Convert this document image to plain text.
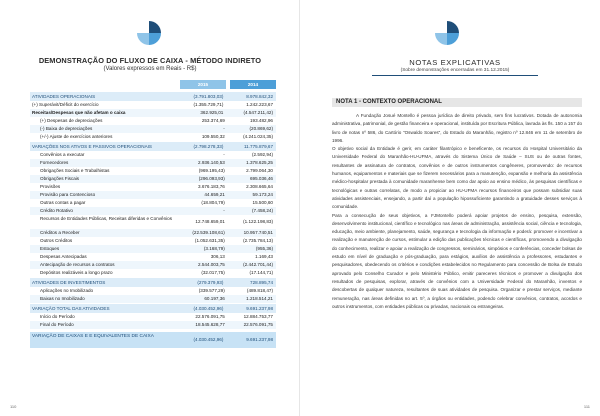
DEMONSTRAÇÃO DO FLUXO DE CAIXA - MÉTODO INDIRETO
(Valores expressos em Reais - R$)
2015	2014
ATIVIDADES OPERACIONAIS	(3.791.803,03)	8.978.842,32
(+) Superávit/Déficit do exercício	(1.355.729,71)	1.242.223,67
Receitas/Despesas que não afetam o caixa	362.925,01	(4.547.211,42)
(+) Despesas de depreciações	253.374,69	193.482,96
(-) Baixa de depreciações	-	(20.869,62)
(+/-) Ajuste de exercícios anteriores	109.550,32	(4.241.024,35)
VARIAÇÕES NOS ATIVOS E PASSIVOS OPERACIONAIS	(2.798.278,33)	11.775.879,67
Convênios a executar	-	(2.592,94)
Fornecedores	2.936.140,53	1.378.625,25
Obrigações Sociais e Trabalhistas	(969.195,43)	2.799.064,30
Obrigações Fiscais	(296.093,93)	695.036,46
Provisões	3.676.183,76	2.308.665,64
Provisão para Contencioso	44.659,21	59.173,24
Outras contas a pagar	(18.804,79)	15.500,60
Crédito Rotativo	-	(7.458,24)
Recursos de Entidades Públicas, Receitas diferidas e Convênios
12.748.659,01	(1.122.198,83)
Créditos a Receber	(22.539.108,61)	10.957.740,51
Outros Créditos	(1.052.631,35)	(2.735.784,13)
Estoques	(3.168,79)	(955,36)
Despesas Antecipadas	306,13	1.169,43
Antecipação de recursos a contratos	2.544.003,75	(2.442.701,44)
Depósitos realizáveis a longo prazo	(32.017,75)	(17.144,71)
ATIVIDADES DE INVESTIMENTOS	(279.379,93)	728.895,74
Aplicações no Imobilizado	(339.577,29)	(489.818,47)
Baixas no Imobilizado	60.197,36	1.218.514,21
VARIAÇÃO TOTAL DAS ATIVIDADES	(4.030.452,96)	9.691.237,98
Início do Período	22.576.091,75	12.884.753,77
Final do Período	18.545.628,77	22.576.091,75
VARIAÇÃO DE CAIXAS E E EQUIVALENTES DE CAIXA
(4.030.452,96)	9.691.237,98
110
NOTAS EXPLICATIVAS
(Sobre demonstrações encerradas em 31.12.2015)
NOTA 1 - CONTEXTO OPERACIONAL

A Fundação Josué Montello é pessoa jurídica de direito privado, sem fins lucrativos. Dotada de autonomia administrativa, patrimonial, de gestão financeira e operacional, instituída por Escritura Pública, lavrada às fls. 150 a 157 do livro de notas nº 586, do Cartório "Oswaldo Soares", do Estado do Maranhão, registro nº 12.846 em 11 de setembro de 1996.

O objetivo social da Entidade é gerir, em caráter filantrópico e beneficente, os recursos do Hospital Universitário da Universidade Federal do Maranhão-HU-UFMA, através do Sistema Único de Saúde – SUS ou de outras fontes, resultantes de assinatura de contratos, convênios e de outros instrumentos congêneres, promovendo: de recursos humanos, equipamentos e materiais que se fizerem necessários para a manutenção, expansão e melhoria da assistência médico-hospitalar prestada à comunidade maranhense bem como dar apoio ao ensino médico, às pesquisas científicas e tecnológicas e outras correlatas, de modo a propiciar ao HU-UFMA recursos financeiros que possam subsidiar suas atividades assistenciais, ensejando, a partir daí a população hipossuficiente garantindo a gratuidade desses serviços à comunidade.

Para a consecução de seus objetivos, a FJMontello poderá apoiar projetos de ensino, pesquisa, extensão, desenvolvimento institucional, científico e tecnológico nas áreas de administração, assistência social, ciência e tecnologia, educação, meio ambiente, planejamento, saúde, segurança e tecnologia da informação e poderá: promover e incentivar a realização e manutenção de cursos, estimular a edição das publicações técnicas e científicas, promovendo a divulgação do conhecimento, realizar e apoiar a realização de congressos, seminários, simpósios e conferências, conceder bolsas de estudo em nível de graduação e pós-graduação, para estágios, auxílios de assistência a professores, estudantes e pesquisadores, obedecendo os critérios e condições estabelecidos no Regulamento para concessão de Bolsa de Estudo aprovado pelo Conselho Curador e pelo Ministério Público, emitir pareceres técnicos e promover a divulgação dos resultados de pesquisas, explorar, através de convênios com a Universidade Federal do Maranhão, inventos e descobertas de qualquer natureza, resultantes de suas atividades de pesquisa. Organizar e prestar serviços, mediante remuneração, nas áreas definidas no art. 5º, a órgãos ou entidades, podendo celebrar convênios, contratos, acordos e outros instrumentos, com entidades públicas ou privadas, nacionais ou estrangeiras.

111
